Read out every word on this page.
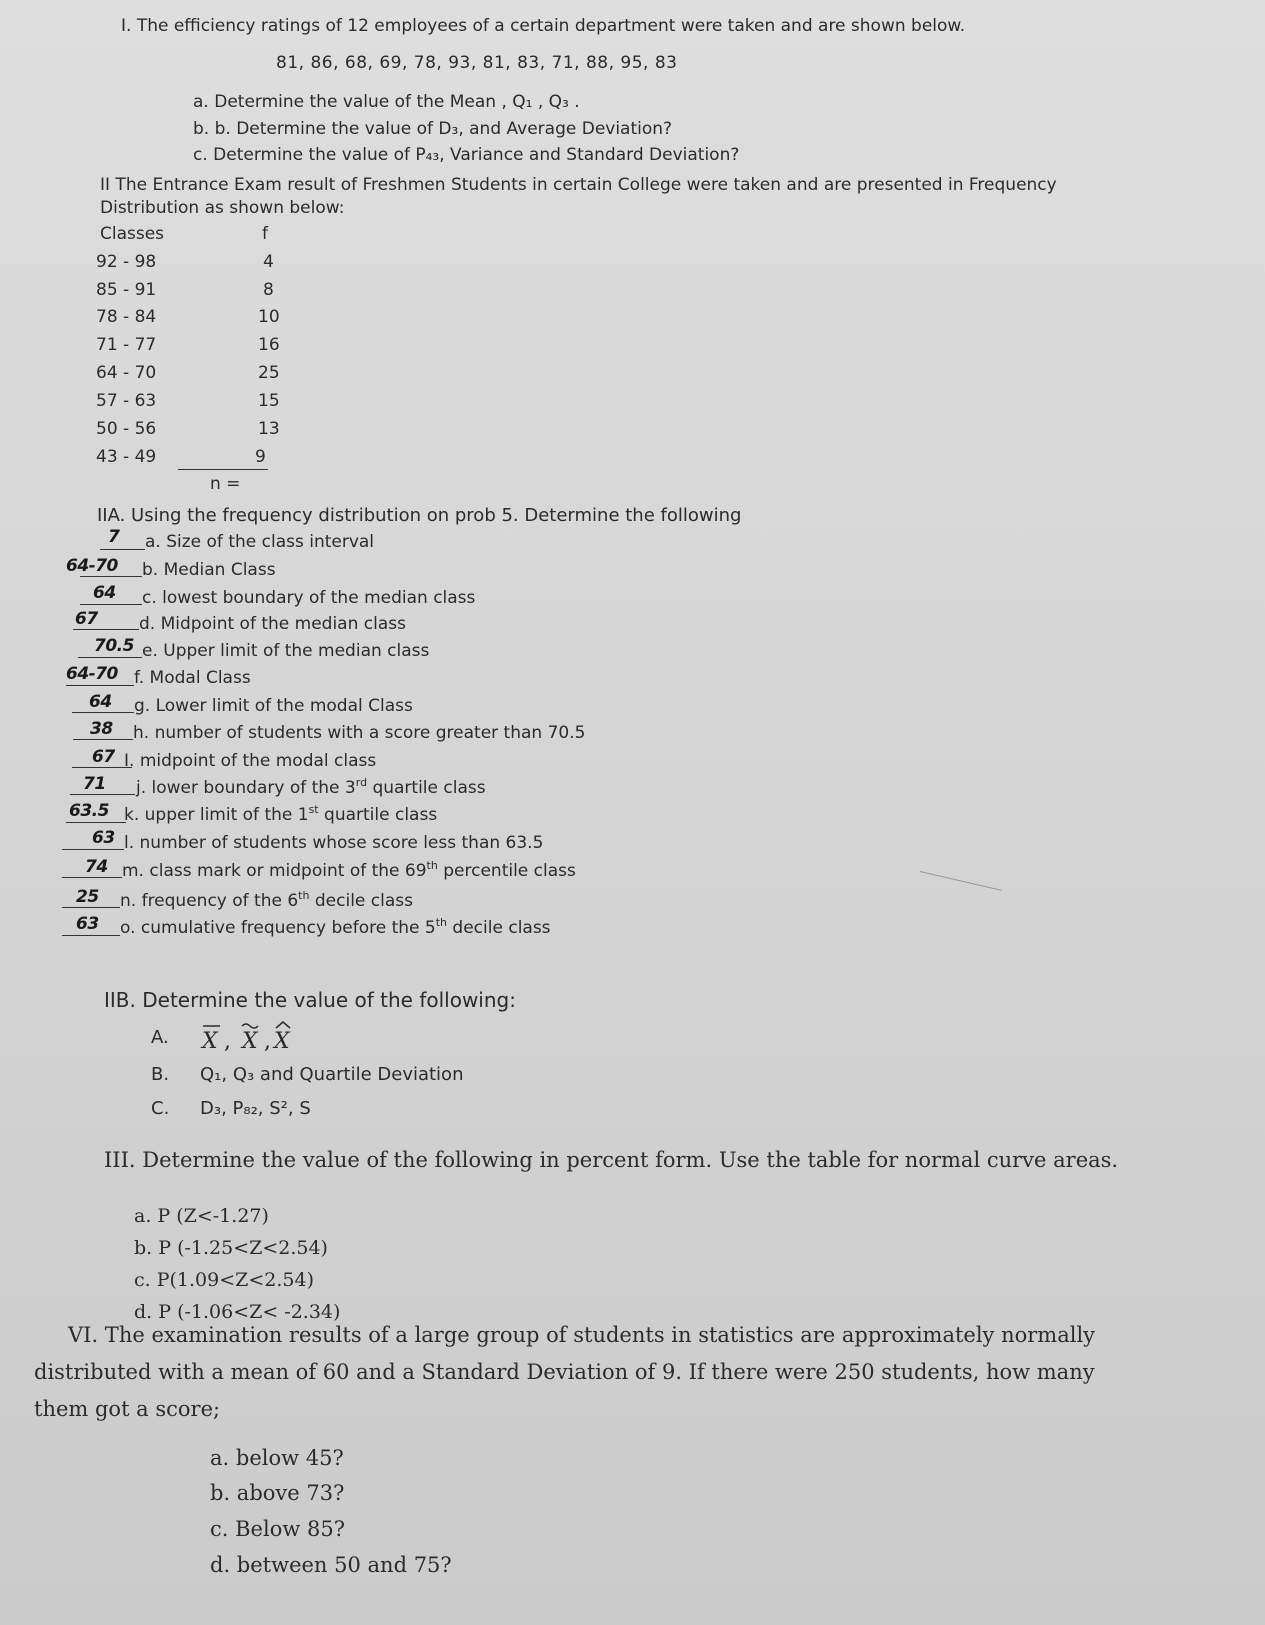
I. The efficiency ratings of 12 employees of a certain department were taken and are shown below.
81, 86, 68, 69, 78, 93, 81, 83, 71, 88, 95, 83
a. Determine the value of the Mean , Q₁ , Q₃ .
b. b. Determine the value of D₃, and Average Deviation?
c. Determine the value of P₄₃, Variance and Standard Deviation?
II The Entrance Exam result of Freshmen Students in certain College were taken and are presented in Frequency
Distribution as shown below:
Classes	f
92 - 98	4
85 - 91	8
78 - 84	10
71 - 77	16
64 - 70	25
57 - 63	15
50 - 56	13
43 - 49	9
n =
IIA. Using the frequency distribution on prob 5. Determine the following
7 a. Size of the class interval
64-70 b. Median Class
64 c. lowest boundary of the median class
67 d. Midpoint of the median class
70.5 e. Upper limit of the median class
64-70 f. Modal Class
64 g. Lower limit of the modal Class
38 h. number of students with a score greater than 70.5
67 I. midpoint of the modal class
71 j. lower boundary of the 3rd quartile class
63.5 k. upper limit of the 1st quartile class
63 l. number of students whose score less than 63.5
74 m. class mark or midpoint of the 69th percentile class
25 n. frequency of the 6th decile class
63 o. cumulative frequency before the 5th decile class
IIB. Determine the value of the following:
A. X , X , X
B. Q₁, Q₃ and Quartile Deviation
C. D₃, P₈₂, S², S
III. Determine the value of the following in percent form. Use the table for normal curve areas.
a. P (Z<-1.27)
b. P (-1.25<Z<2.54)
c. P(1.09<Z<2.54)
d. P (-1.06<Z< -2.34)
VI. The examination results of a large group of students in statistics are approximately normally
distributed with a mean of 60 and a Standard Deviation of 9. If there were 250 students, how many
them got a score;
a. below 45?
b. above 73?
c. Below 85?
d. between 50 and 75?
